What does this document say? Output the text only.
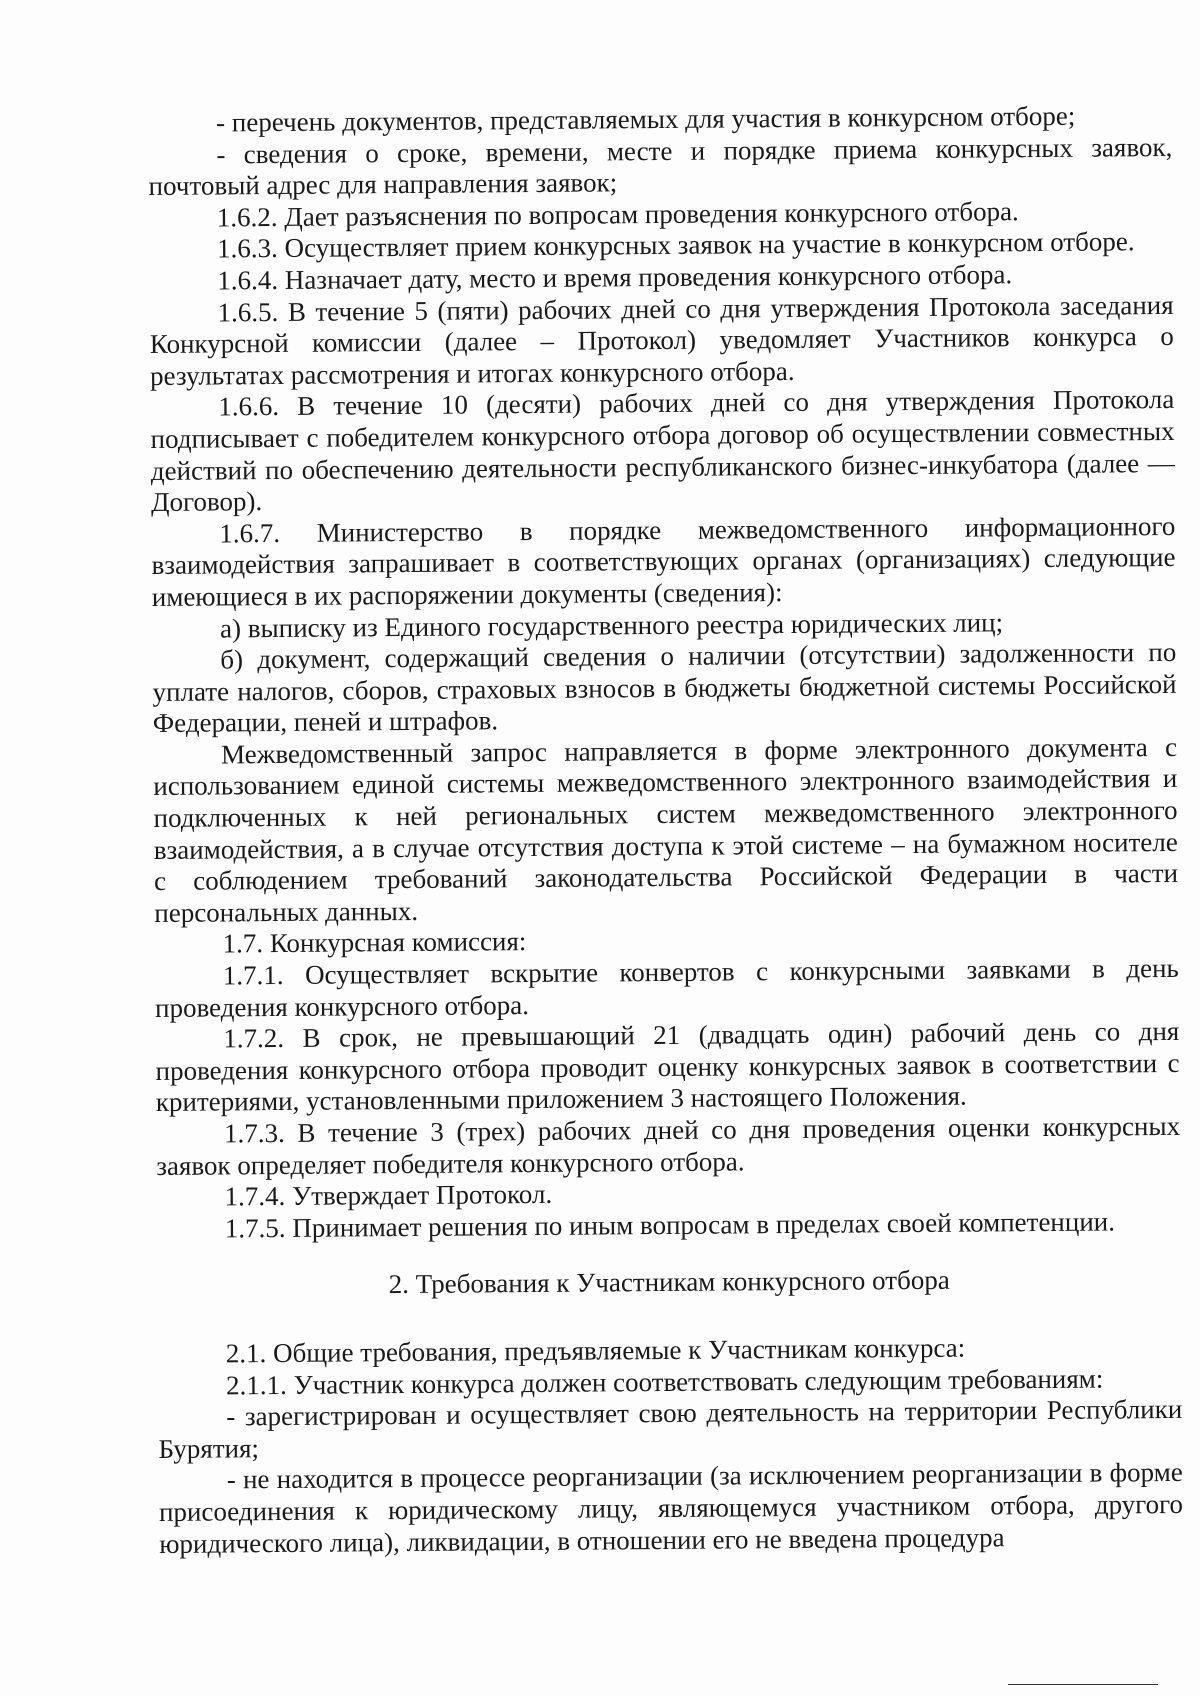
- перечень документов, представляемых для участия в конкурсном отборе;

- сведения о сроке, времени, месте и порядке приема конкурсных заявок, почтовый адрес для направления заявок;

1.6.2. Дает разъяснения по вопросам проведения конкурсного отбора.

1.6.3. Осуществляет прием конкурсных заявок на участие в конкурсном отборе.

1.6.4. Назначает дату, место и время проведения конкурсного отбора.

1.6.5. В течение 5 (пяти) рабочих дней со дня утверждения Протокола заседания Конкурсной комиссии (далее – Протокол) уведомляет Участников конкурса о результатах рассмотрения и итогах конкурсного отбора.

1.6.6. В течение 10 (десяти) рабочих дней со дня утверждения Протокола подписывает с победителем конкурсного отбора договор об осуществлении совместных действий по обеспечению деятельности республиканского бизнес-инкубатора (далее — Договор).

1.6.7. Министерство в порядке межведомственного информационного взаимодействия запрашивает в соответствующих органах (организациях) следующие имеющиеся в их распоряжении документы (сведения):

а) выписку из Единого государственного реестра юридических лиц;

б) документ, содержащий сведения о наличии (отсутствии) задолженности по уплате налогов, сборов, страховых взносов в бюджеты бюджетной системы Российской Федерации, пеней и штрафов.

Межведомственный запрос направляется в форме электронного документа с использованием единой системы межведомственного электронного взаимодействия и подключенных к ней региональных систем межведомственного электронного взаимодействия, а в случае отсутствия доступа к этой системе – на бумажном носителе с соблюдением требований законодательства Российской Федерации в части персональных данных.

1.7. Конкурсная комиссия:

1.7.1. Осуществляет вскрытие конвертов с конкурсными заявками в день проведения конкурсного отбора.

1.7.2. В срок, не превышающий 21 (двадцать один) рабочий день со дня проведения конкурсного отбора проводит оценку конкурсных заявок в соответствии с критериями, установленными приложением 3 настоящего Положения.

1.7.3. В течение 3 (трех) рабочих дней со дня проведения оценки конкурсных заявок определяет победителя конкурсного отбора.

1.7.4. Утверждает Протокол.

1.7.5. Принимает решения по иным вопросам в пределах своей компетенции.

2. Требования к Участникам конкурсного отбора

2.1. Общие требования, предъявляемые к Участникам конкурса:

2.1.1. Участник конкурса должен соответствовать следующим требованиям:

- зарегистрирован и осуществляет свою деятельность на территории Республики Бурятия;

- не находится в процессе реорганизации (за исключением реорганизации в форме присоединения к юридическому лицу, являющемуся участником отбора, другого юридического лица), ликвидации, в отношении его не введена процедура
